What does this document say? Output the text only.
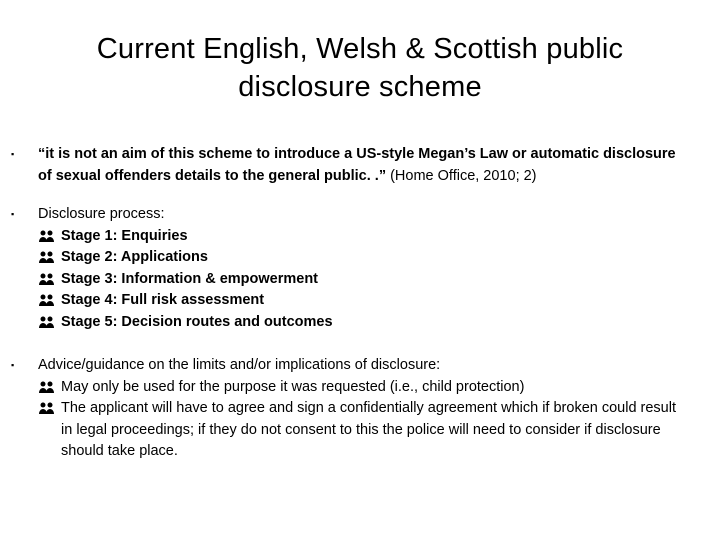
Current English, Welsh & Scottish public disclosure scheme
▪ “it is not an aim of this scheme to introduce a US-style Megan’s Law or automatic disclosure of sexual offenders details to the general public. .” (Home Office, 2010; 2)
▪ Disclosure process:
Stage 1: Enquiries
Stage 2: Applications
Stage 3: Information & empowerment
Stage 4: Full risk assessment
Stage 5: Decision routes and outcomes
▪ Advice/guidance on the limits and/or implications of disclosure:
May only be used for the purpose it was requested (i.e., child protection)
The applicant will have to agree and sign a confidentially agreement which if broken could result in legal proceedings; if they do not consent to this the police will need to consider if disclosure should take place.
